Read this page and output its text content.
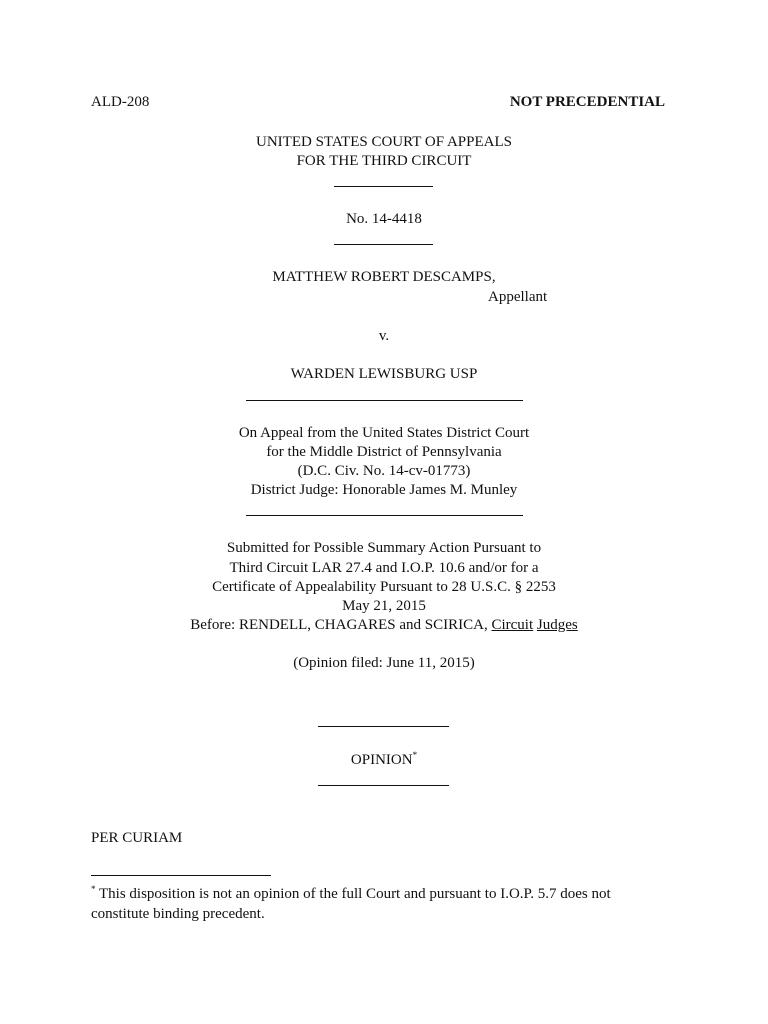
ALD-208	NOT PRECEDENTIAL
UNITED STATES COURT OF APPEALS
FOR THE THIRD CIRCUIT
No. 14-4418
MATTHEW ROBERT DESCAMPS,
Appellant
v.
WARDEN LEWISBURG USP
On Appeal from the United States District Court
for the Middle District of Pennsylvania
(D.C. Civ. No. 14-cv-01773)
District Judge: Honorable James M. Munley
Submitted for Possible Summary Action Pursuant to
Third Circuit LAR 27.4 and I.O.P. 10.6 and/or for a
Certificate of Appealability Pursuant to 28 U.S.C. § 2253
May 21, 2015
Before: RENDELL, CHAGARES and SCIRICA, Circuit Judges
(Opinion filed: June 11, 2015)
OPINION*
PER CURIAM
* This disposition is not an opinion of the full Court and pursuant to I.O.P. 5.7 does not
constitute binding precedent.
